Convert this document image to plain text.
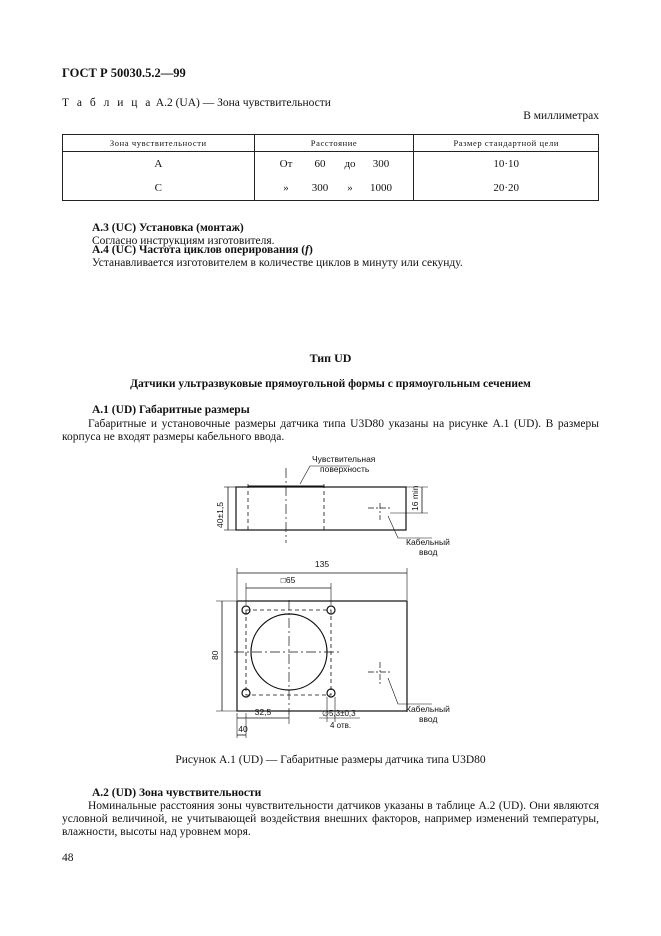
ГОСТ Р 50030.5.2—99
Т а б л и ц а А.2 (UA) — Зона чувствительности
В миллиметрах
Зона чувствительности	Расстояние	Размер стандартной цели
A	От 60 до 300	10·10
C	» 300 » 1000	20·20
А.3 (UC) Установка (монтаж)
Согласно инструкциям изготовителя.
А.4 (UC) Частота циклов оперирования (f)
Устанавливается изготовителем в количестве циклов в минуту или секунду.
Тип UD
Датчики ультразвуковые прямоугольной формы с прямоугольным сечением
А.1 (UD) Габаритные размеры
Габаритные и установочные размеры датчика типа U3D80 указаны на рисунке А.1 (UD). В размеры корпуса не входят размеры кабельного ввода.
Чувствительная
поверхность
40±1,5
16 min
Кабельный
ввод
135
□65
80
32,5
40
∅5,3±0,3
4 отв.
Кабельный
ввод
Рисунок А.1 (UD) — Габаритные размеры датчика типа U3D80
А.2 (UD) Зона чувствительности
Номинальные расстояния зоны чувствительности датчиков указаны в таблице А.2 (UD). Они являются условной величиной, не учитывающей воздействия внешних факторов, например изменений температуры, влажности, высоты над уровнем моря.
48
